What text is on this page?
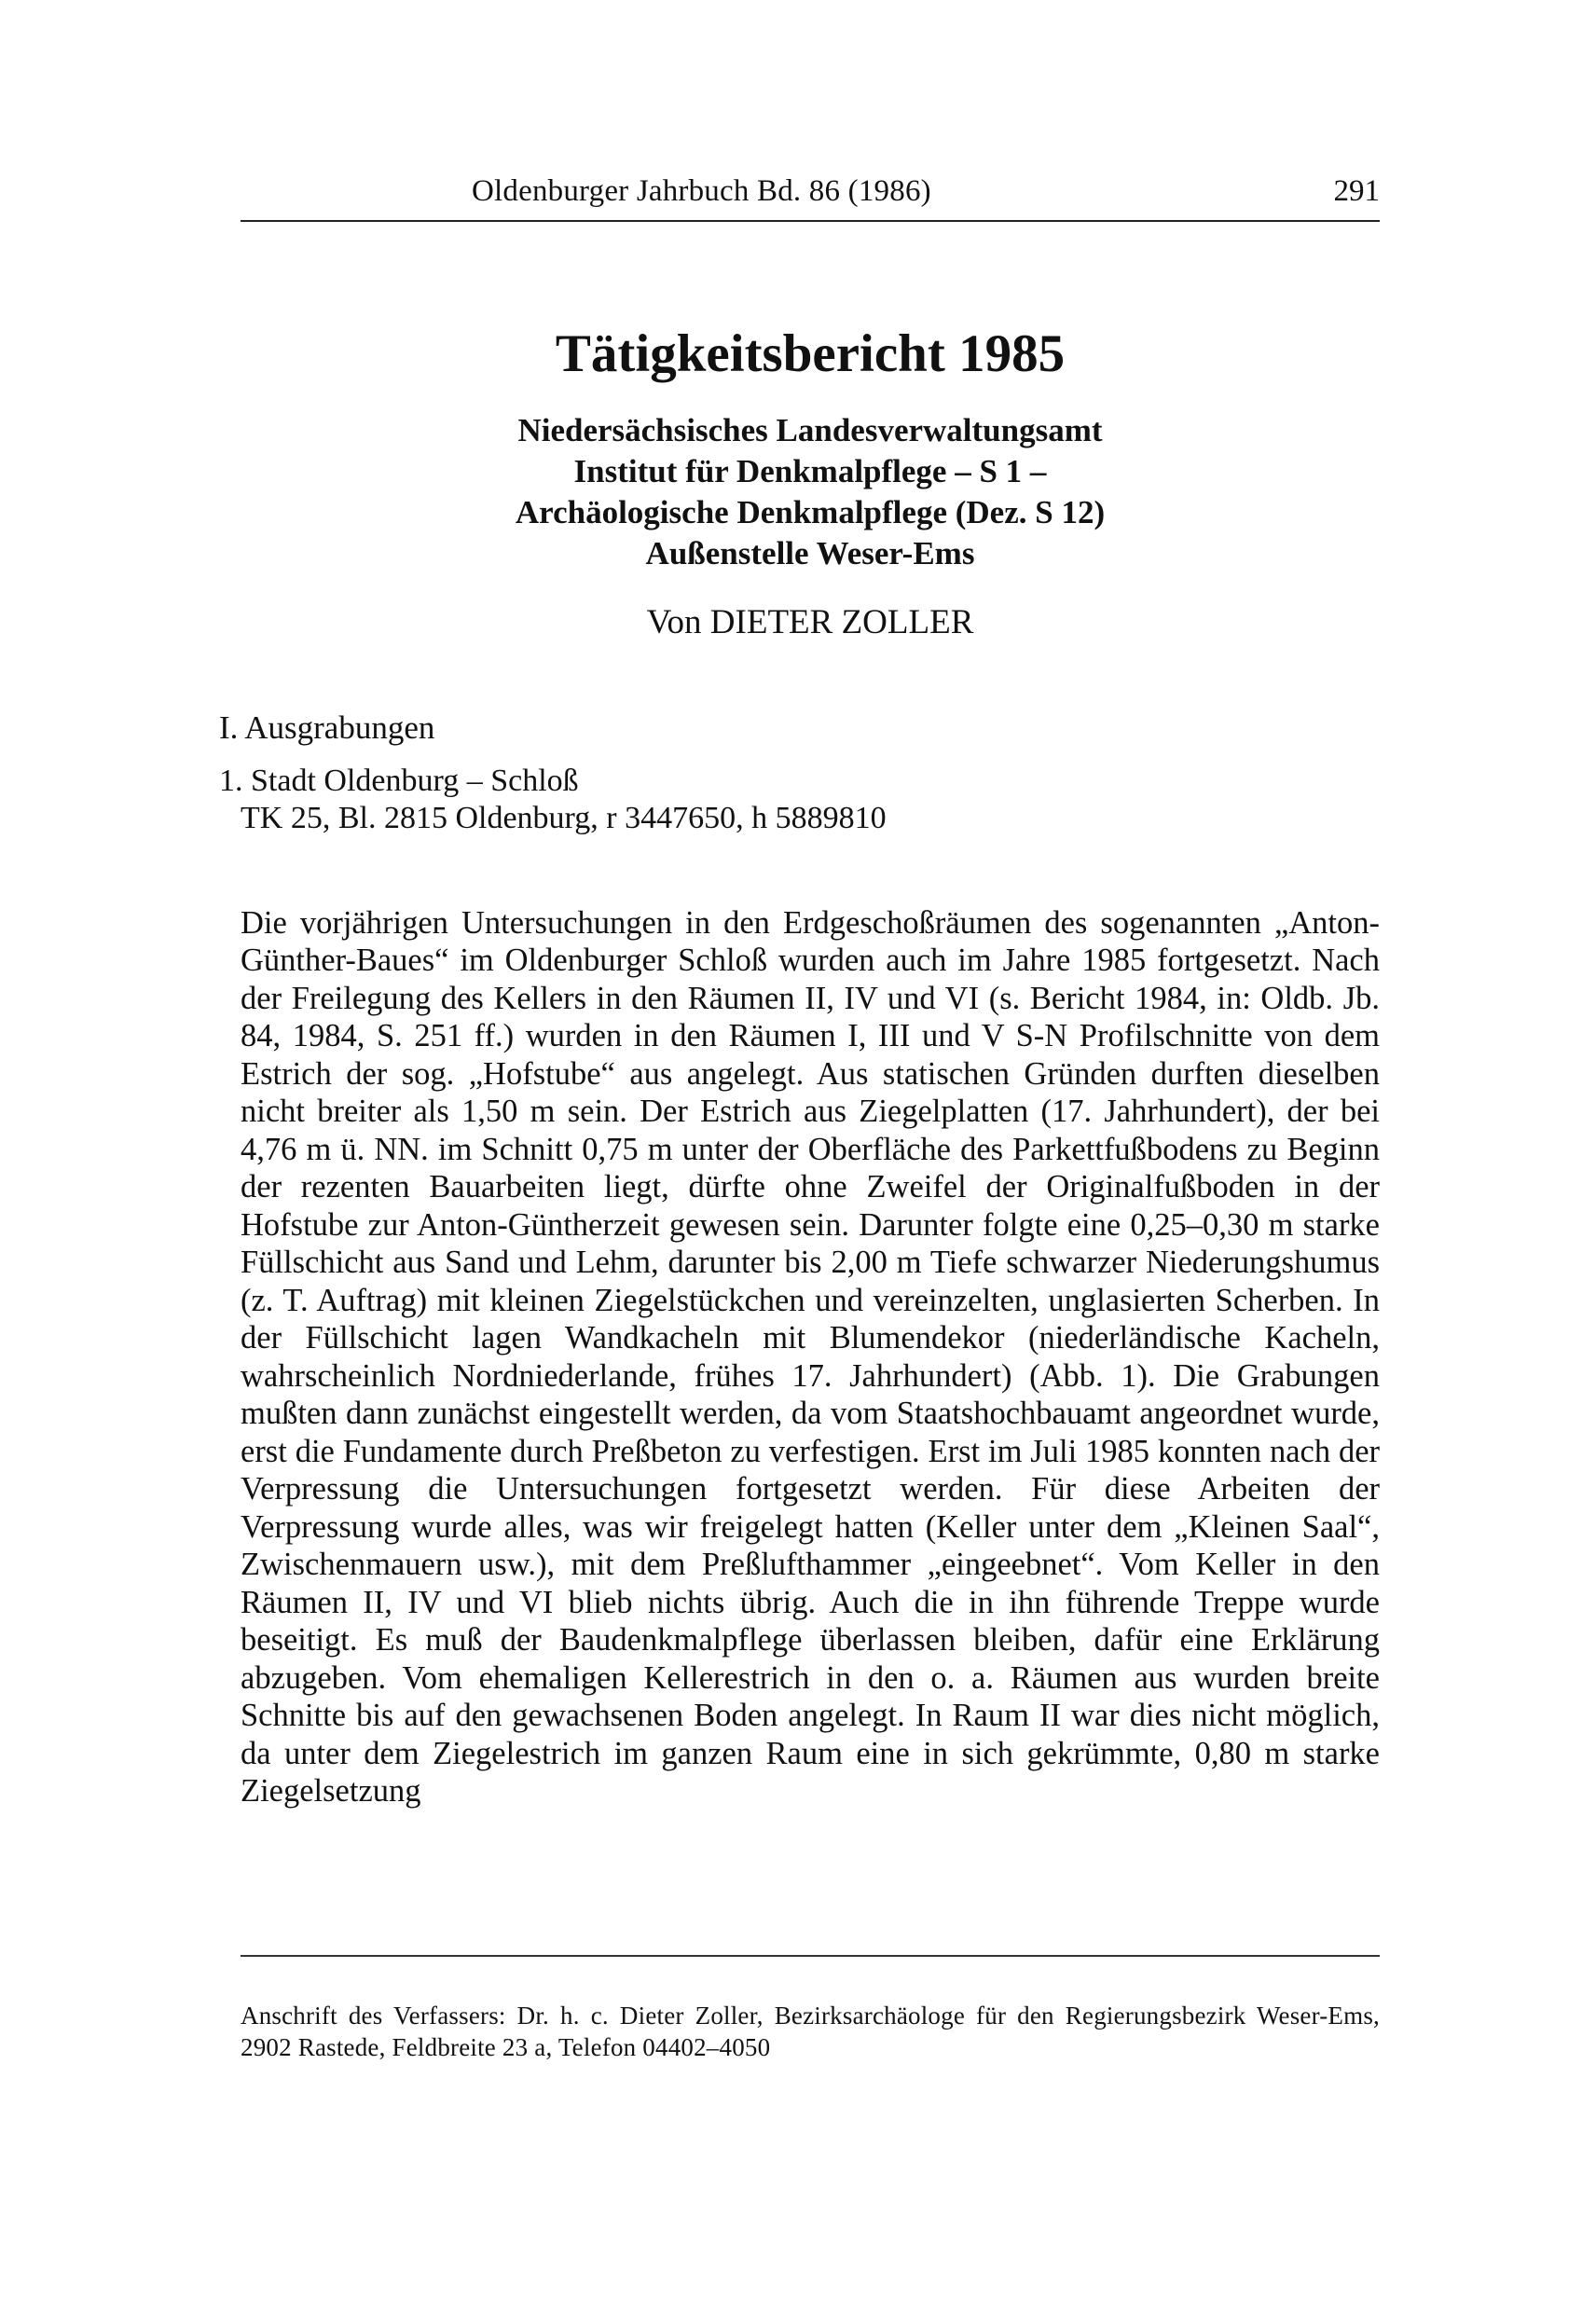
Oldenburger Jahrbuch Bd. 86 (1986)	291
Tätigkeitsbericht 1985

Niedersächsisches Landesverwaltungsamt

Institut für Denkmalpflege – S 1 –

Archäologische Denkmalpflege (Dez. S 12)

Außenstelle Weser-Ems

Von DIETER ZOLLER
I. Ausgrabungen
1. Stadt Oldenburg – Schloß
TK 25, Bl. 2815 Oldenburg, r 3447650, h 5889810

Die vorjährigen Untersuchungen in den Erdgeschoßräumen des sogenannten „Anton-Günther-Baues“ im Oldenburger Schloß wurden auch im Jahre 1985 fortgesetzt. Nach der Freilegung des Kellers in den Räumen II, IV und VI (s. Bericht 1984, in: Oldb. Jb. 84, 1984, S. 251 ff.) wurden in den Räumen I, III und V S-N Profilschnitte von dem Estrich der sog. „Hofstube“ aus angelegt. Aus statischen Gründen durften dieselben nicht breiter als 1,50 m sein. Der Estrich aus Ziegelplatten (17. Jahrhundert), der bei 4,76 m ü. NN. im Schnitt 0,75 m unter der Oberfläche des Parkettfußbodens zu Beginn der rezenten Bauarbeiten liegt, dürfte ohne Zweifel der Originalfußboden in der Hofstube zur Anton-Güntherzeit gewesen sein. Darunter folgte eine 0,25–0,30 m starke Füllschicht aus Sand und Lehm, darunter bis 2,00 m Tiefe schwarzer Niederungshumus (z. T. Auftrag) mit kleinen Ziegelstückchen und vereinzelten, unglasierten Scherben. In der Füllschicht lagen Wandkacheln mit Blumendekor (niederländische Kacheln, wahrscheinlich Nordniederlande, frühes 17. Jahrhundert) (Abb. 1). Die Grabungen mußten dann zunächst eingestellt werden, da vom Staatshochbauamt angeordnet wurde, erst die Fundamente durch Preßbeton zu verfestigen. Erst im Juli 1985 konnten nach der Verpressung die Untersuchungen fortgesetzt werden. Für diese Arbeiten der Verpressung wurde alles, was wir freigelegt hatten (Keller unter dem „Kleinen Saal“, Zwischenmauern usw.), mit dem Preßlufthammer „eingeebnet“. Vom Keller in den Räumen II, IV und VI blieb nichts übrig. Auch die in ihn führende Treppe wurde beseitigt. Es muß der Baudenkmalpflege überlassen bleiben, dafür eine Erklärung abzugeben. Vom ehemaligen Kellerestrich in den o. a. Räumen aus wurden breite Schnitte bis auf den gewachsenen Boden angelegt. In Raum II war dies nicht möglich, da unter dem Ziegelestrich im ganzen Raum eine in sich gekrümmte, 0,80 m starke Ziegelsetzung

Anschrift des Verfassers: Dr. h. c. Dieter Zoller, Bezirksarchäologe für den Regierungsbezirk Weser-Ems, 2902 Rastede, Feldbreite 23 a, Telefon 04402–4050
